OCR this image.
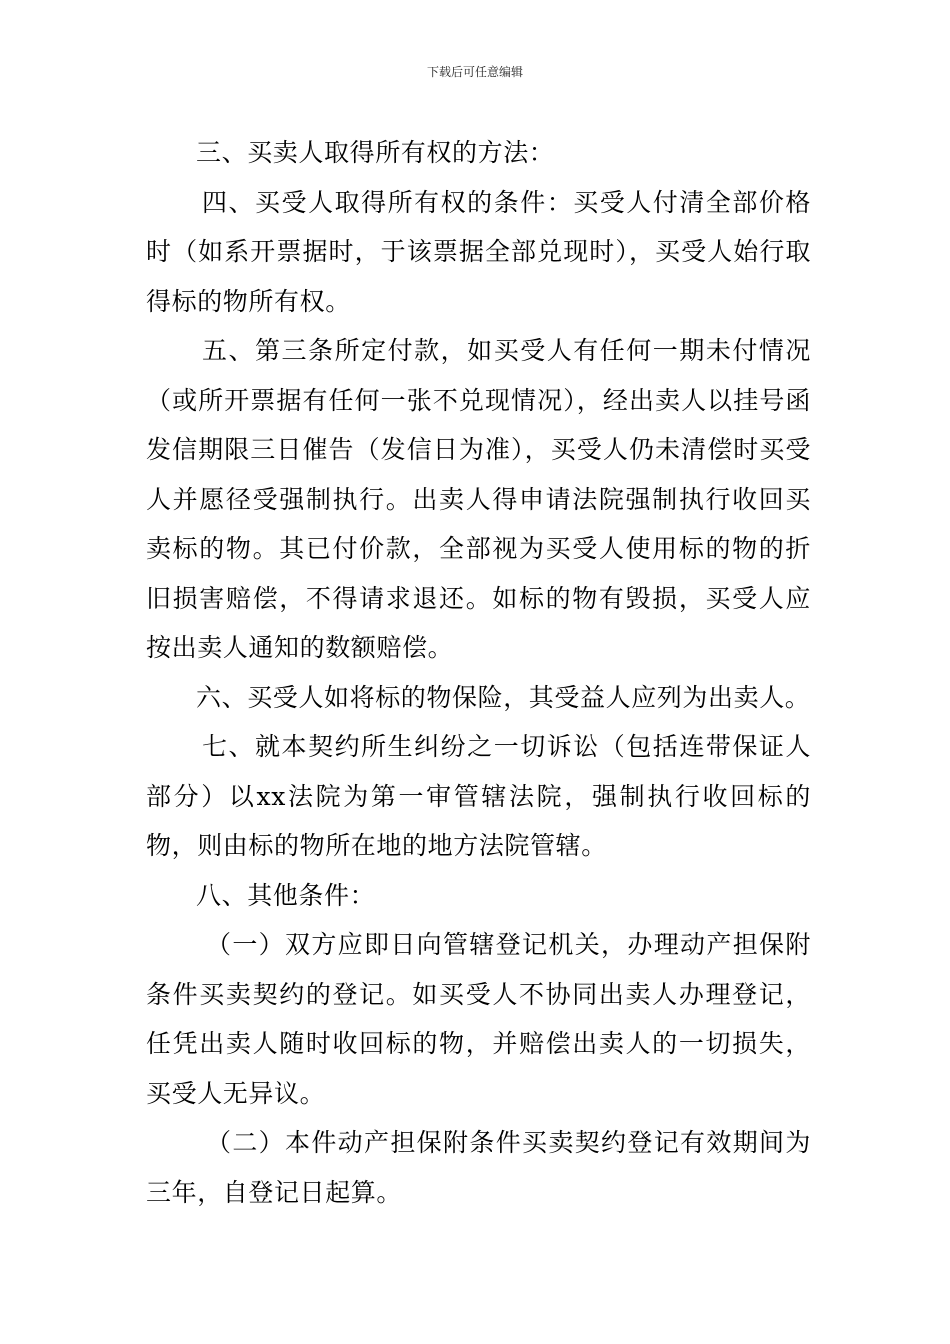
下载后可任意编辑

三、买卖人取得所有权的方法：

四、买受人取得所有权的条件：买受人付清全部价格时（如系开票据时，于该票据全部兑现时），买受人始行取得标的物所有权。

五、第三条所定付款，如买受人有任何一期未付情况（或所开票据有任何一张不兑现情况），经出卖人以挂号函发信期限三日催告（发信日为准），买受人仍未清偿时买受人并愿径受强制执行。出卖人得申请法院强制执行收回买卖标的物。其已付价款，全部视为买受人使用标的物的折旧损害赔偿，不得请求退还。如标的物有毁损，买受人应按出卖人通知的数额赔偿。

六、买受人如将标的物保险，其受益人应列为出卖人。

七、就本契约所生纠纷之一切诉讼（包括连带保证人部分）以xx法院为第一审管辖法院，强制执行收回标的物，则由标的物所在地的地方法院管辖。

八、其他条件：

（一）双方应即日向管辖登记机关，办理动产担保附条件买卖契约的登记。如买受人不协同出卖人办理登记，任凭出卖人随时收回标的物，并赔偿出卖人的一切损失，买受人无异议。

（二）本件动产担保附条件买卖契约登记有效期间为三年，自登记日起算。
